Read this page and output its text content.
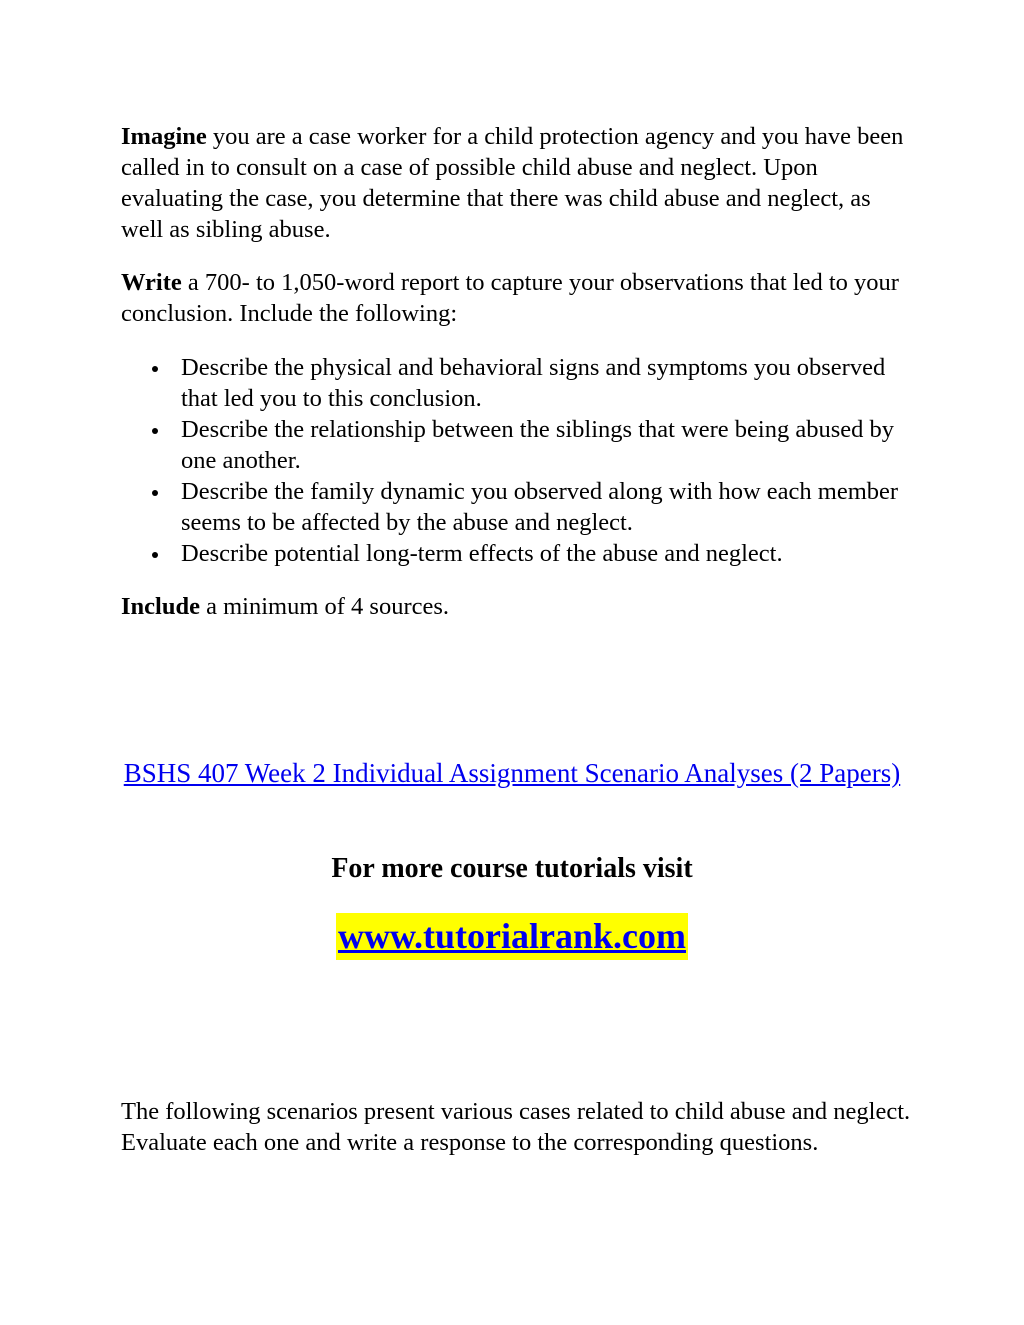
Imagine you are a case worker for a child protection agency and you have been called in to consult on a case of possible child abuse and neglect. Upon evaluating the case, you determine that there was child abuse and neglect, as well as sibling abuse.

Write a 700- to 1,050-word report to capture your observations that led to your conclusion. Include the following:

Describe the physical and behavioral signs and symptoms you observed that led you to this conclusion.
Describe the relationship between the siblings that were being abused by one another.
Describe the family dynamic you observed along with how each member seems to be affected by the abuse and neglect.
Describe potential long-term effects of the abuse and neglect.

Include a minimum of 4 sources.

BSHS 407 Week 2 Individual Assignment Scenario Analyses (2 Papers)
For more course tutorials visit
www.tutorialrank.com

The following scenarios present various cases related to child abuse and neglect. Evaluate each one and write a response to the corresponding questions.
